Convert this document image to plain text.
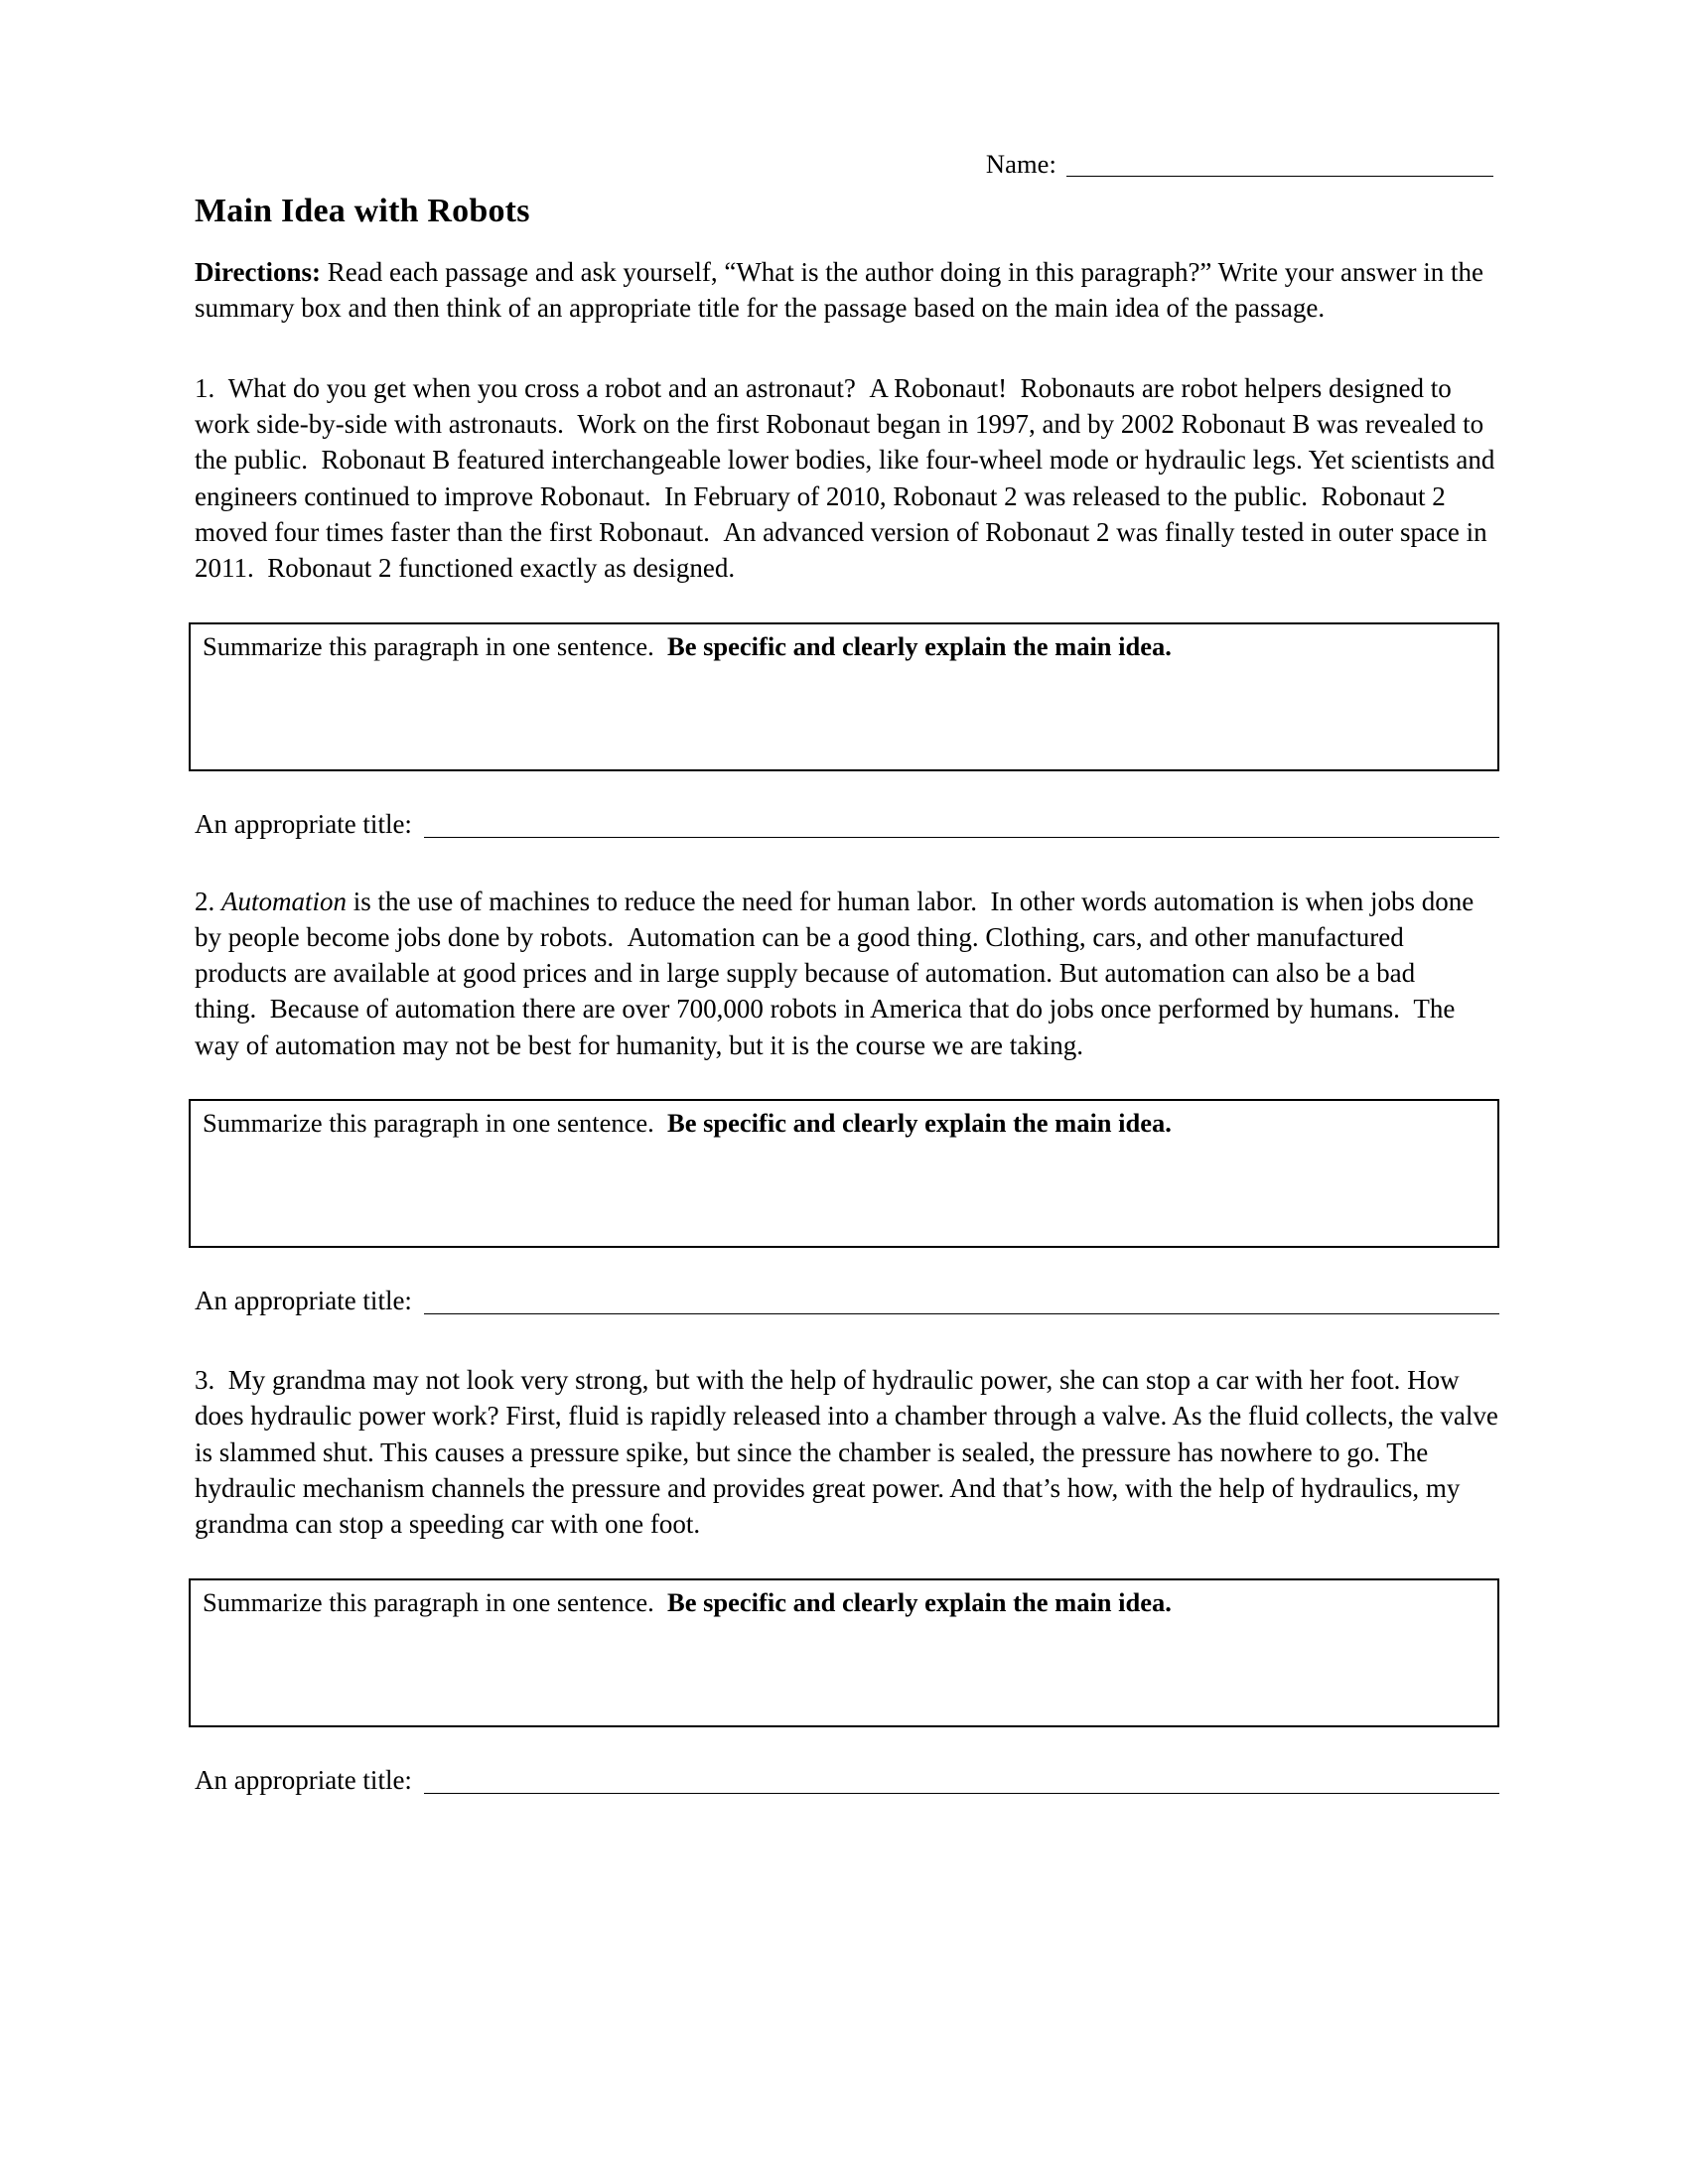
Name:
Main Idea with Robots
Directions: Read each passage and ask yourself, “What is the author doing in this paragraph?” Write your answer in the summary box and then think of an appropriate title for the passage based on the main idea of the passage.
1.  What do you get when you cross a robot and an astronaut?  A Robonaut!  Robonauts are robot helpers designed to work side-by-side with astronauts.  Work on the first Robonaut began in 1997, and by 2002 Robonaut B was revealed to the public.  Robonaut B featured interchangeable lower bodies, like four-wheel mode or hydraulic legs. Yet scientists and engineers continued to improve Robonaut.  In February of 2010, Robonaut 2 was released to the public.  Robonaut 2 moved four times faster than the first Robonaut.  An advanced version of Robonaut 2 was finally tested in outer space in 2011.  Robonaut 2 functioned exactly as designed.
Summarize this paragraph in one sentence.  Be specific and clearly explain the main idea.
An appropriate title:
2. Automation is the use of machines to reduce the need for human labor.  In other words automation is when jobs done by people become jobs done by robots.  Automation can be a good thing. Clothing, cars, and other manufactured products are available at good prices and in large supply because of automation. But automation can also be a bad thing.  Because of automation there are over 700,000 robots in America that do jobs once performed by humans.  The way of automation may not be best for humanity, but it is the course we are taking.
Summarize this paragraph in one sentence.  Be specific and clearly explain the main idea.
An appropriate title:
3.  My grandma may not look very strong, but with the help of hydraulic power, she can stop a car with her foot. How does hydraulic power work? First, fluid is rapidly released into a chamber through a valve. As the fluid collects, the valve is slammed shut. This causes a pressure spike, but since the chamber is sealed, the pressure has nowhere to go. The hydraulic mechanism channels the pressure and provides great power. And that’s how, with the help of hydraulics, my grandma can stop a speeding car with one foot.
Summarize this paragraph in one sentence.  Be specific and clearly explain the main idea.
An appropriate title:
